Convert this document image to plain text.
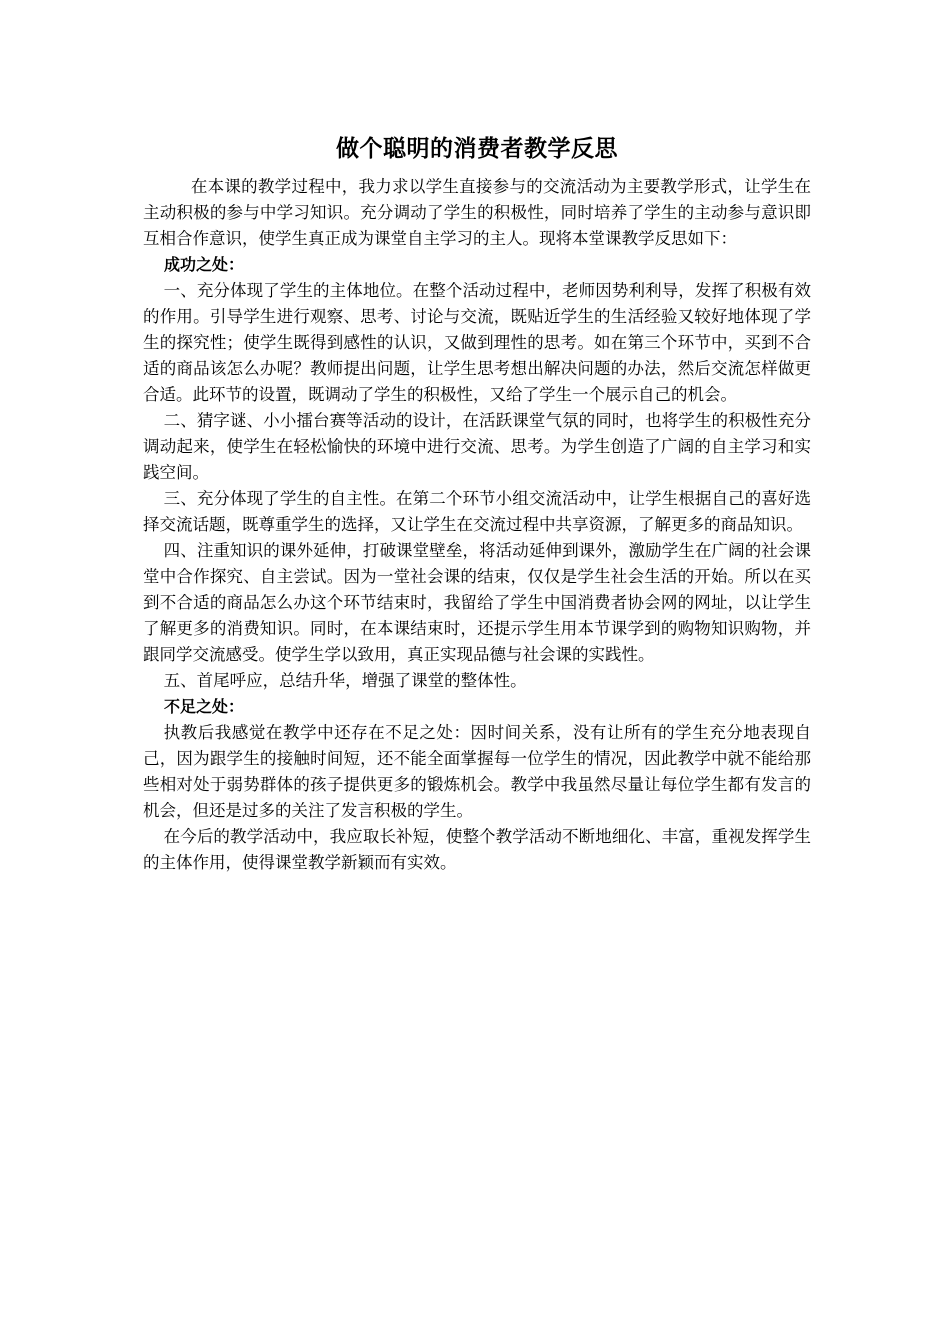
做个聪明的消费者教学反思

在本课的教学过程中，我力求以学生直接参与的交流活动为主要教学形式，让学生在主动积极的参与中学习知识。充分调动了学生的积极性，同时培养了学生的主动参与意识即互相合作意识，使学生真正成为课堂自主学习的主人。现将本堂课教学反思如下：

成功之处：

一、充分体现了学生的主体地位。在整个活动过程中，老师因势利利导，发挥了积极有效的作用。引导学生进行观察、思考、讨论与交流，既贴近学生的生活经验又较好地体现了学生的探究性；使学生既得到感性的认识，又做到理性的思考。如在第三个环节中，买到不合适的商品该怎么办呢？教师提出问题，让学生思考想出解决问题的办法，然后交流怎样做更合适。此环节的设置，既调动了学生的积极性，又给了学生一个展示自己的机会。

二、猜字谜、小小擂台赛等活动的设计，在活跃课堂气氛的同时，也将学生的积极性充分调动起来，使学生在轻松愉快的环境中进行交流、思考。为学生创造了广阔的自主学习和实践空间。

三、充分体现了学生的自主性。在第二个环节小组交流活动中，让学生根据自己的喜好选择交流话题，既尊重学生的选择，又让学生在交流过程中共享资源，了解更多的商品知识。

四、注重知识的课外延伸，打破课堂壁垒，将活动延伸到课外，激励学生在广阔的社会课堂中合作探究、自主尝试。因为一堂社会课的结束，仅仅是学生社会生活的开始。所以在买到不合适的商品怎么办这个环节结束时，我留给了学生中国消费者协会网的网址，以让学生了解更多的消费知识。同时，在本课结束时，还提示学生用本节课学到的购物知识购物，并跟同学交流感受。使学生学以致用，真正实现品德与社会课的实践性。

五、首尾呼应，总结升华，增强了课堂的整体性。

不足之处：

执教后我感觉在教学中还存在不足之处：因时间关系，没有让所有的学生充分地表现自己，因为跟学生的接触时间短，还不能全面掌握每一位学生的情况，因此教学中就不能给那些相对处于弱势群体的孩子提供更多的锻炼机会。教学中我虽然尽量让每位学生都有发言的机会，但还是过多的关注了发言积极的学生。

在今后的教学活动中，我应取长补短，使整个教学活动不断地细化、丰富，重视发挥学生的主体作用，使得课堂教学新颖而有实效。
